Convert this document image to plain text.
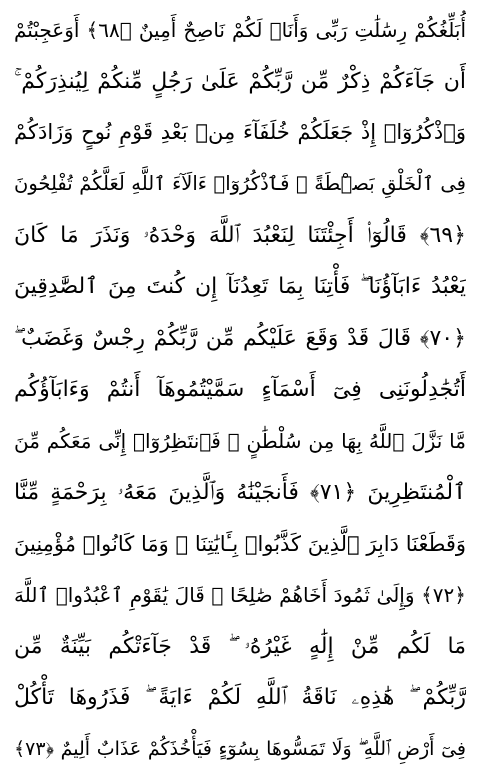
أُبَلِّغُكُمْ رِسَٰلَٰتِ رَبِّى وَأَنَا۠ لَكُمْ نَاصِحٌ أَمِينٌ ﴿٦٨﴾ أَوَعَجِبْتُمْ
أَن جَآءَكُمْ ذِكْرٌ مِّن رَّبِّكُمْ عَلَىٰ رَجُلٍ مِّنكُمْ لِيُنذِرَكُمْ ۚ
وَٱذْكُرُوٓا۟ إِذْ جَعَلَكُمْ خُلَفَآءَ مِنۢ بَعْدِ قَوْمِ نُوحٍ وَزَادَكُمْ
فِى ٱلْخَلْقِ بَصْۜطَةً ۖ فَٱذْكُرُوٓا۟ ءَالَآءَ ٱللَّهِ لَعَلَّكُمْ تُفْلِحُونَ
﴿٦٩﴾ قَالُوٓا۟ أَجِئْتَنَا لِنَعْبُدَ ٱللَّهَ وَحْدَهُۥ وَنَذَرَ مَا كَانَ
يَعْبُدُ ءَابَآؤُنَا ۖ فَأْتِنَا بِمَا تَعِدُنَآ إِن كُنتَ مِنَ ٱلصَّٰدِقِينَ
﴿٧٠﴾ قَالَ قَدْ وَقَعَ عَلَيْكُم مِّن رَّبِّكُمْ رِجْسٌ وَغَضَبٌ ۖ
أَتُجَٰدِلُونَنِى فِىٓ أَسْمَآءٍ سَمَّيْتُمُوهَآ أَنتُمْ وَءَابَآؤُكُم
مَّا نَزَّلَ ٱللَّهُ بِهَا مِن سُلْطَٰنٍ ۚ فَٱنتَظِرُوٓا۟ إِنِّى مَعَكُم مِّنَ
ٱلْمُنتَظِرِينَ ﴿٧١﴾ فَأَنجَيْنَٰهُ وَٱلَّذِينَ مَعَهُۥ بِرَحْمَةٍ مِّنَّا
وَقَطَعْنَا دَابِرَ ٱلَّذِينَ كَذَّبُوا۟ بِـَٔايَٰتِنَا ۖ وَمَا كَانُوا۟ مُؤْمِنِينَ
﴿٧٢﴾ وَإِلَىٰ ثَمُودَ أَخَاهُمْ صَٰلِحًا ۗ قَالَ يَٰقَوْمِ ٱعْبُدُوا۟ ٱللَّهَ
مَا لَكُم مِّنْ إِلَٰهٍ غَيْرُهُۥ ۖ قَدْ جَآءَتْكُم بَيِّنَةٌ مِّن
رَّبِّكُمْ ۖ هَٰذِهِۦ نَاقَةُ ٱللَّهِ لَكُمْ ءَايَةً ۖ فَذَرُوهَا تَأْكُلْ
فِىٓ أَرْضِ ٱللَّهِ ۖ وَلَا تَمَسُّوهَا بِسُوٓءٍ فَيَأْخُذَكُمْ عَذَابٌ أَلِيمٌ ﴿٧٣﴾
